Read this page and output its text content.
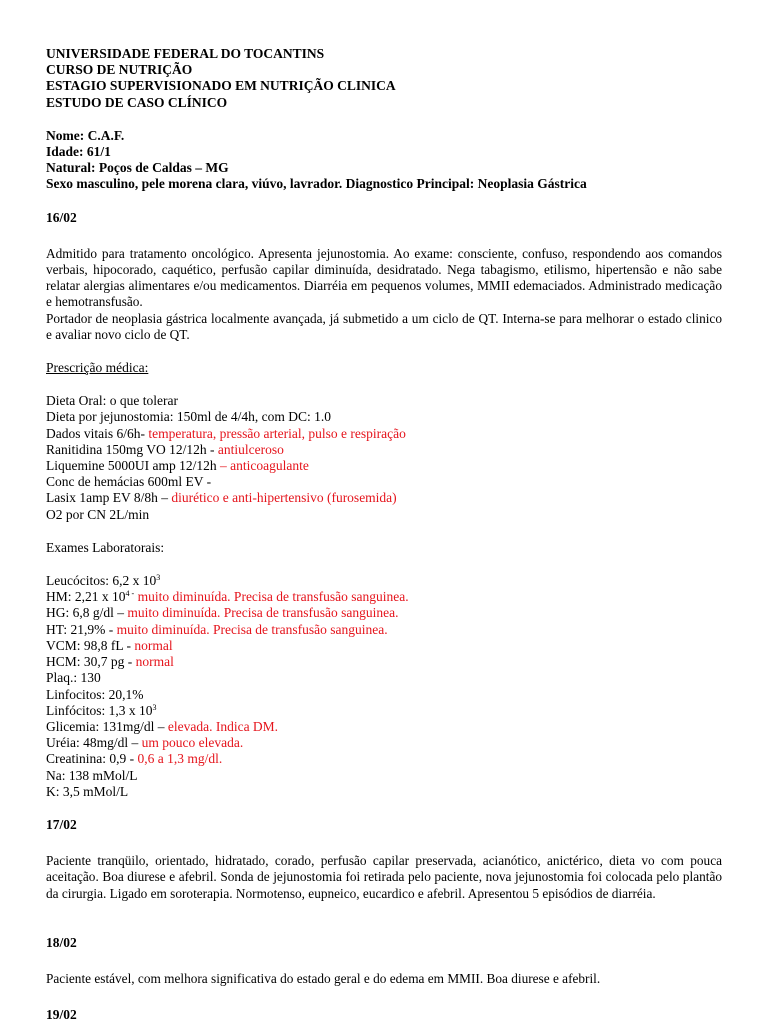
UNIVERSIDADE FEDERAL DO TOCANTINS
CURSO DE NUTRIÇÃO
ESTAGIO SUPERVISIONADO EM NUTRIÇÃO CLINICA
ESTUDO DE CASO CLÍNICO
Nome: C.A.F.
Idade: 61/1
Natural: Poços de Caldas – MG
Sexo masculino, pele morena clara, viúvo, lavrador. Diagnostico Principal: Neoplasia Gástrica
16/02
Admitido para tratamento oncológico. Apresenta jejunostomia. Ao exame: consciente, confuso, respondendo aos comandos verbais, hipocorado, caquético, perfusão capilar diminuída, desidratado. Nega tabagismo, etilismo, hipertensão e não sabe relatar alergias alimentares e/ou medicamentos. Diarréia em pequenos volumes, MMII edemaciados. Administrado medicação e hemotransfusão.
Portador de neoplasia gástrica localmente avançada, já submetido a um ciclo de QT. Interna-se para melhorar o estado clinico e avaliar novo ciclo de QT.
Prescrição médica:
Dieta Oral: o que tolerar
Dieta por jejunostomia: 150ml de 4/4h, com DC: 1.0
Dados vitais 6/6h- temperatura, pressão arterial, pulso e respiração
Ranitidina 150mg VO 12/12h - antiulceroso
Liquemine 5000UI amp 12/12h – anticoagulante
Conc de hemácias 600ml EV -
Lasix 1amp EV 8/8h – diurético e anti-hipertensivo (furosemida)
O2 por CN 2L/min
Exames Laboratorais:
Leucócitos: 6,2 x $10^3$
HM: 2,21 x $10^{4 -}$ muito diminuída. Precisa de transfusão sanguinea.
HG: 6,8 g/dl – muito diminuída. Precisa de transfusão sanguinea.
HT: 21,9% - muito diminuída. Precisa de transfusão sanguinea.
VCM: 98,8 fL - normal
HCM: 30,7 pg - normal
Plaq.: 130
Linfocitos: 20,1%
Linfócitos: 1,3 x $10^3$
Glicemia: 131mg/dl – elevada. Indica DM.
Uréia: 48mg/dl – um pouco elevada.
Creatinina: 0,9 - 0,6 a 1,3 mg/dl.
Na: 138 mMol/L
K: 3,5 mMol/L
17/02
Paciente tranqüilo, orientado, hidratado, corado, perfusão capilar preservada, acianótico, anictérico, dieta vo com pouca aceitação. Boa diurese e afebril. Sonda de jejunostomia foi retirada pelo paciente, nova jejunostomia foi colocada pelo plantão da cirurgia. Ligado em soroterapia. Normotenso, eupneico, eucardico e afebril. Apresentou 5 episódios de diarréia.
18/02
Paciente estável, com melhora significativa do estado geral e do edema em MMII. Boa diurese e afebril.
19/02
